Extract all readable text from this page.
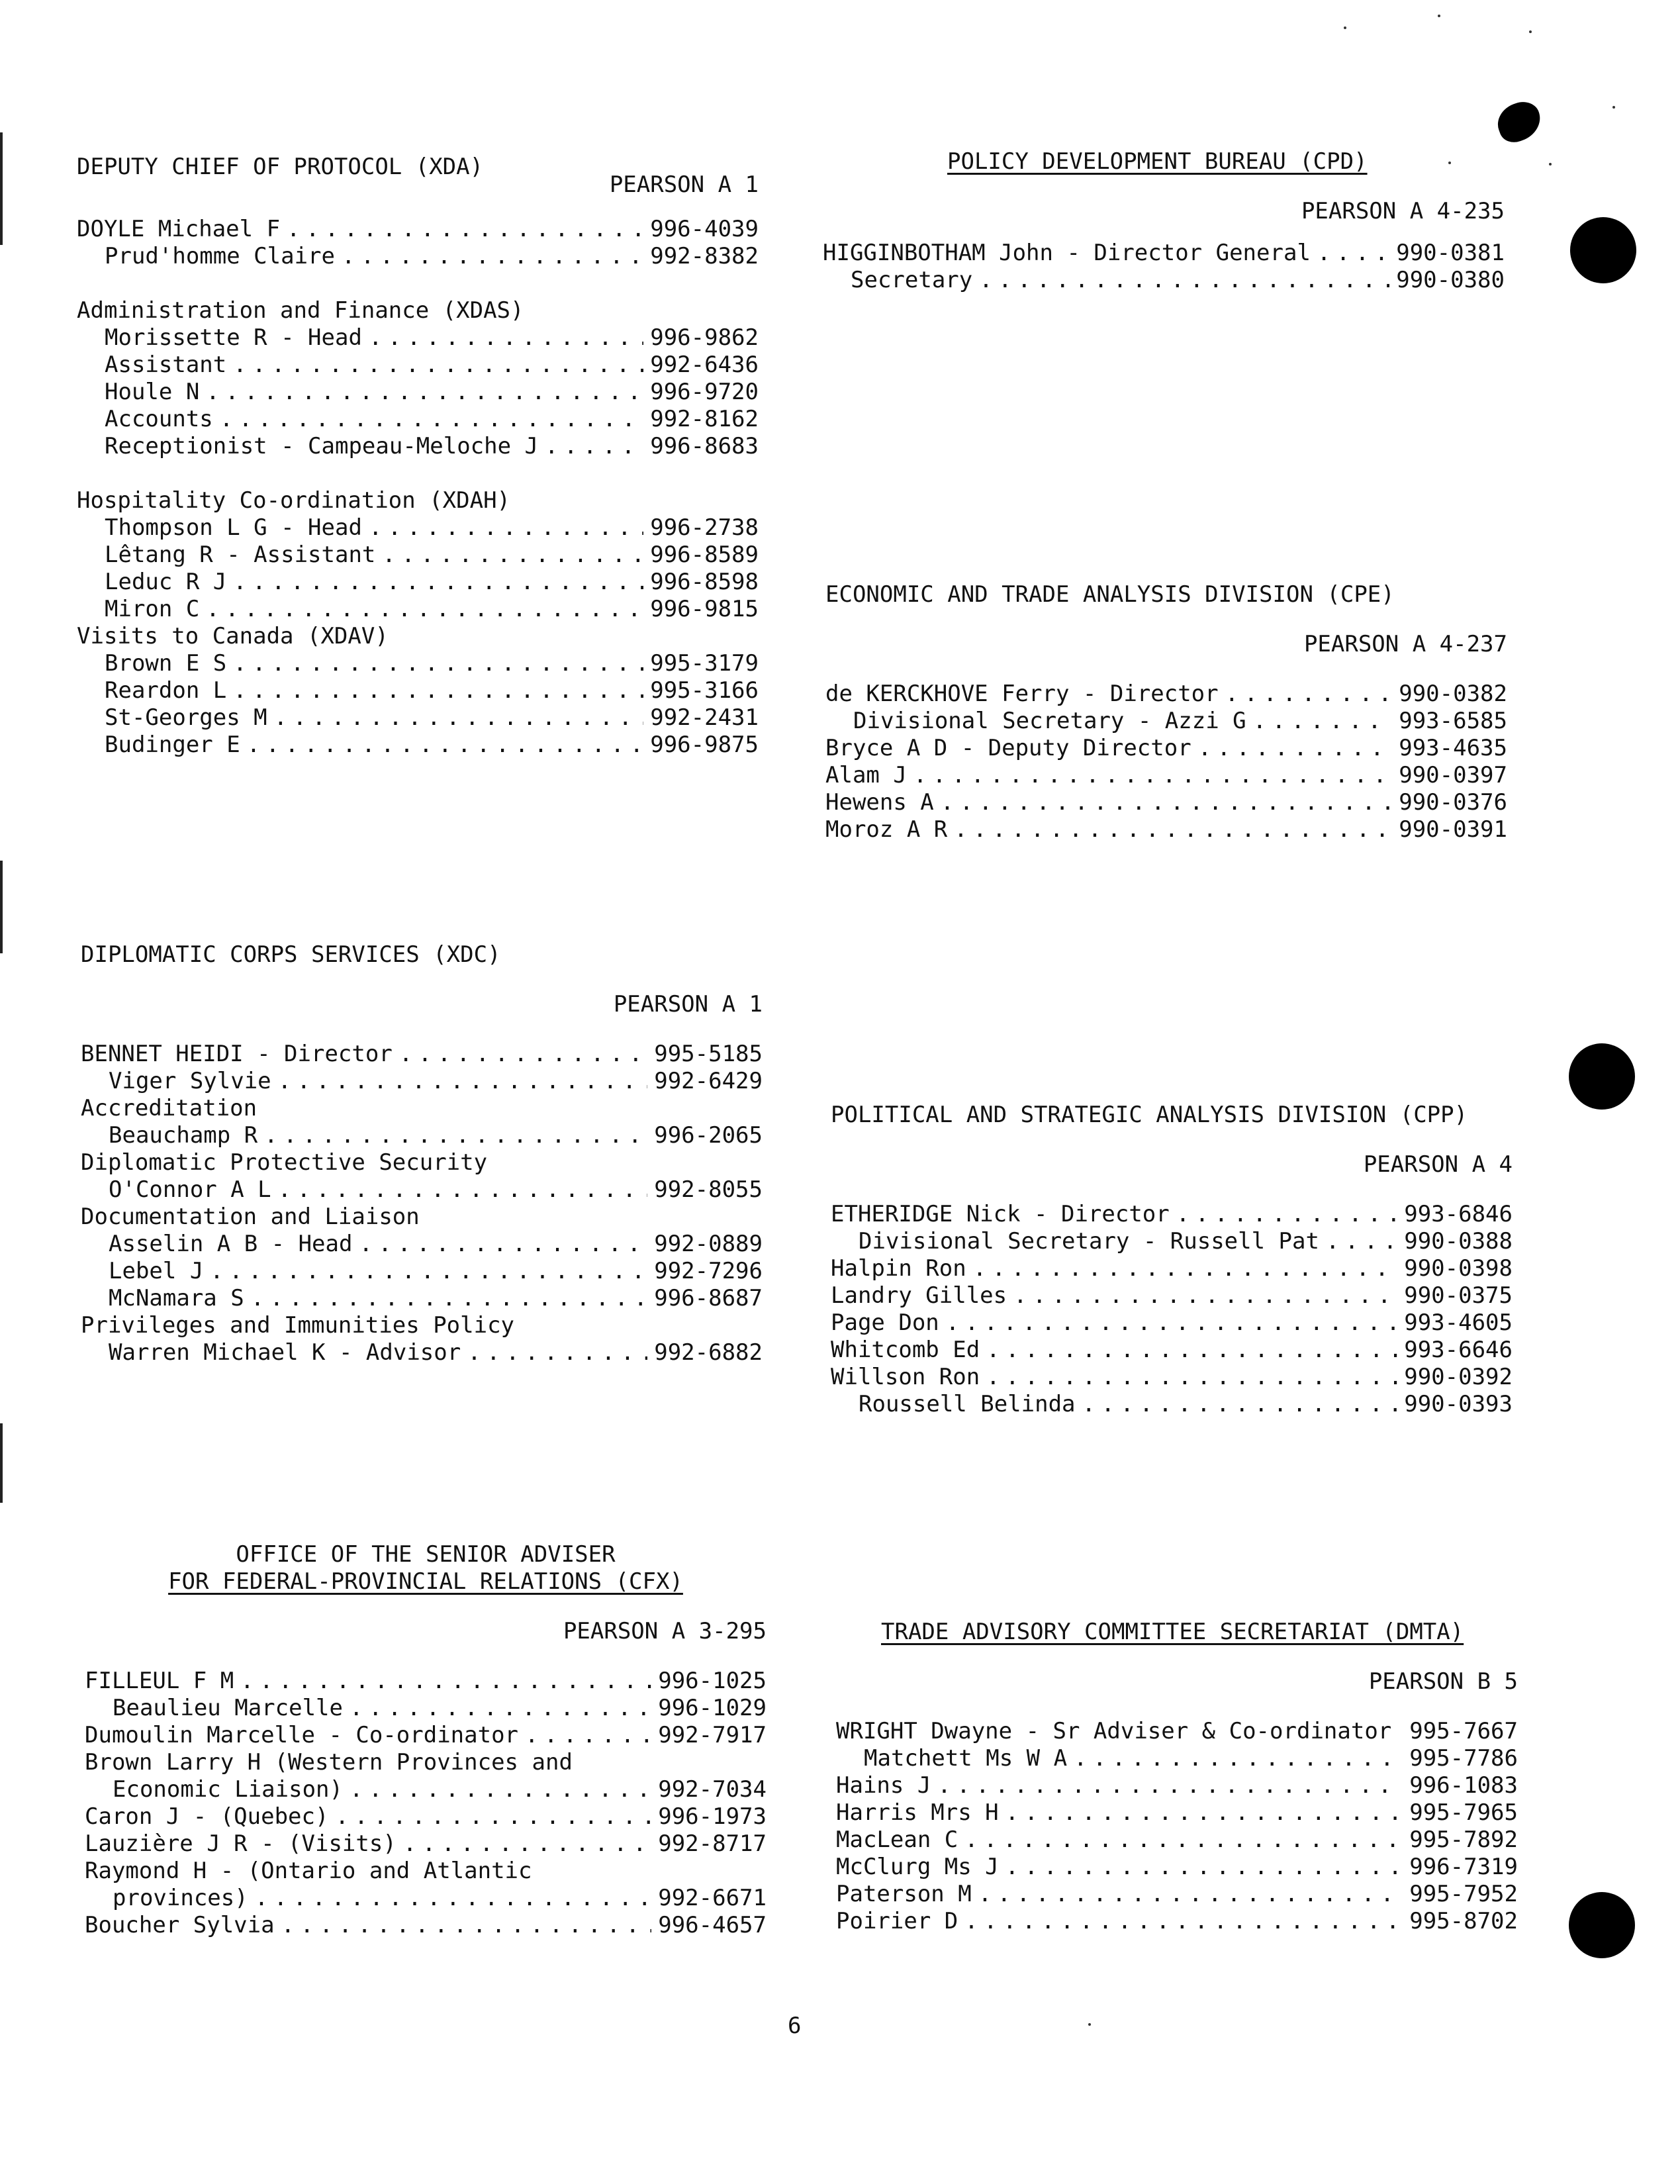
DEPUTY CHIEF OF PROTOCOL (XDA)
PEARSON A 1
DOYLE Michael F . . .	996-4039
Prud'homme Claire . . .	992-8382
Administration and Finance (XDAS)
Morissette R - Head . . .	996-9862
Assistant . . .	992-6436
Houle N . . .	996-9720
Accounts . . .	992-8162
Receptionist - Campeau-Meloche J . . .	996-8683
Hospitality Co-ordination (XDAH)
Thompson L G - Head . . .	996-2738
Lêtang R - Assistant . . .	996-8589
Leduc R J . . .	996-8598
Miron C . . .	996-9815
Visits to Canada (XDAV)
Brown E S . . .	995-3179
Reardon L . . .	995-3166
St-Georges M . . .	992-2431
Budinger E . . .	996-9875
POLICY DEVELOPMENT BUREAU (CPD)
PEARSON A 4-235
HIGGINBOTHAM John - Director General . . .	990-0381
Secretary . . .	990-0380
ECONOMIC AND TRADE ANALYSIS DIVISION (CPE)
PEARSON A 4-237
de KERCKHOVE Ferry - Director . . .	990-0382
Divisional Secretary - Azzi G . . .	993-6585
Bryce A D - Deputy Director . . .	993-4635
Alam J . . .	990-0397
Hewens A . . .	990-0376
Moroz A R . . .	990-0391
DIPLOMATIC CORPS SERVICES (XDC)
PEARSON A 1
BENNET HEIDI - Director . . .	995-5185
Viger Sylvie . . .	992-6429
Accreditation
Beauchamp R . . .	996-2065
Diplomatic Protective Security
O'Connor A L . . .	992-8055
Documentation and Liaison
Asselin A B - Head . . .	992-0889
Lebel J . . .	992-7296
McNamara S . . .	996-8687
Privileges and Immunities Policy
Warren Michael K - Advisor . . .	992-6882
POLITICAL AND STRATEGIC ANALYSIS DIVISION (CPP)
PEARSON A 4
ETHERIDGE Nick - Director . . .	993-6846
Divisional Secretary - Russell Pat . . .	990-0388
Halpin Ron . . .	990-0398
Landry Gilles . . .	990-0375
Page Don . . .	993-4605
Whitcomb Ed . . .	993-6646
Willson Ron . . .	990-0392
Roussell Belinda . . .	990-0393
OFFICE OF THE SENIOR ADVISER
FOR FEDERAL-PROVINCIAL RELATIONS (CFX)
PEARSON A 3-295
FILLEUL F M . . .	996-1025
Beaulieu Marcelle . . .	996-1029
Dumoulin Marcelle - Co-ordinator . . .	992-7917
Brown Larry H (Western Provinces and
Economic Liaison) . . .	992-7034
Caron J - (Quebec) . . .	996-1973
Lauzière J R - (Visits) . . .	992-8717
Raymond H - (Ontario and Atlantic
provinces) . . .	992-6671
Boucher Sylvia . . .	996-4657
TRADE ADVISORY COMMITTEE SECRETARIAT (DMTA)
PEARSON B 5
WRIGHT Dwayne - Sr Adviser & Co-ordinator 995-7667
Matchett Ms W A . . .	995-7786
Hains J . . .	996-1083
Harris Mrs H . . .	995-7965
MacLean C . . .	995-7892
McClurg Ms J . . .	996-7319
Paterson M . . .	995-7952
Poirier D . . .	995-8702
6
